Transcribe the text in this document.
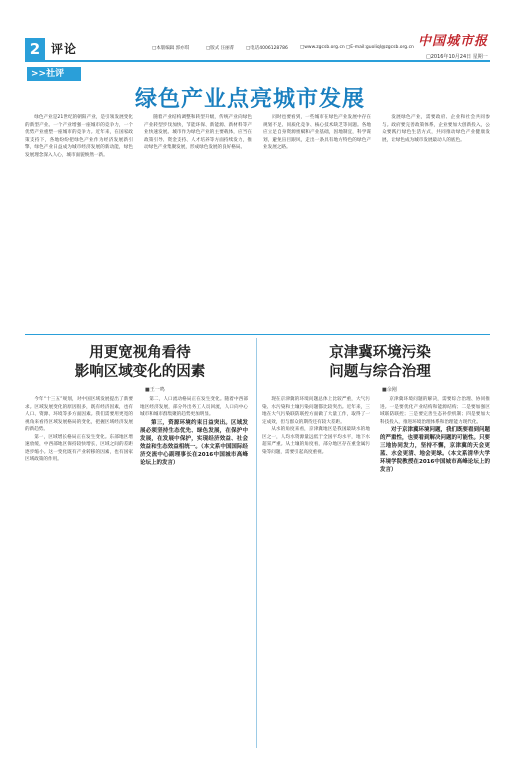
2 评论	□本版编辑 郭亦琪	□版式 汪丽菁	□电话4006128786	□www.zgcsb.org.cn □E-mail:guoliql@zgcsb.org.cn 中国城市报
□2016年10月24日 星期一
>>社评
绿色产业点亮城市发展

绿色产业是21世纪的朝阳产业，是引领发展变化的新型产业。一个产业增强一座城市的竞争力，一个优势产业重塑一座城市的竞争力。近年来，在国家政策支持下，各地纷纷把绿色产业作为经济发展新引擎，绿色产业日益成为城市经济发展的新动能，绿色发展理念深入人心，城市面貌焕然一新。

随着产业结构调整和转型升级，传统产业向绿色产业转型步伐加快，节能环保、新能源、新材料等产业快速发展。城市作为绿色产业的主要载体，应当在政策引导、资金支持、人才培养等方面持续发力，推动绿色产业集聚发展，形成绿色发展的良好格局。

同时也要看到，一些城市在绿色产业发展中存在规划不足、同质化竞争、核心技术缺乏等问题。各地应立足自身资源禀赋和产业基础，因地制宜，科学谋划，避免盲目跟风，走出一条具有地方特色的绿色产业发展之路。

发展绿色产业，需要政府、企业和社会共同参与。政府要完善政策体系，企业要加大创新投入，公众要践行绿色生活方式，共同推动绿色产业健康发展，让绿色成为城市发展最动人的底色。

用更宽视角看待
影响区域变化的因素
■王一鸣

今年“十三五”规划，对中国区域发展提出了新要求。区域发展变化的原因很多，既有经济因素，也有人口、资源、环境等多方面因素。我们需要用更宽的视角来看待区域发展格局的变化，把握区域经济发展的新趋势。

第一，区域增长格局正在发生变化。东部地区增速放缓，中西部地区保持较快增长，区域之间的差距逐步缩小。这一变化既有产业转移的因素，也有国家区域政策的作用。

第二，人口流动格局正在发生变化。随着中西部地区经济发展，部分外出务工人员回流，人口向中心城市和城市群集聚的趋势更加明显。

第三，资源环境约束日益突出。区域发展必须坚持生态优先、绿色发展，在保护中发展，在发展中保护，实现经济效益、社会效益和生态效益相统一。（本文系中国国际经济交流中心副理事长在2016中国城市高峰论坛上的发言）

京津冀环境污染
问题与综合治理
■余刚

现在京津冀的环境问题总体上比较严重，大气污染、水污染和土壤污染问题都比较突出。近年来，三地在大气污染联防联控方面做了大量工作，取得了一定成效，但与群众的期待还有较大差距。

从水的角度来看，京津冀地区是我国最缺水的地区之一，人均水资源量远低于全国平均水平，地下水超采严重。从土壤的角度看，部分地区存在重金属污染等问题，需要引起高度重视。

京津冀环境问题的解决，需要综合治理、协同推进。一是要优化产业结构和能源结构；二是要加强区域联防联控；三是要完善生态补偿机制；四是要加大科技投入，推进环境治理体系和治理能力现代化。

对于京津冀环境问题，我们既要看到问题的严重性，也要看到解决问题的可能性。只要三地协同发力，坚持不懈，京津冀的天会更蓝、水会更清、地会更绿。（本文系清华大学环境学院教授在2016中国城市高峰论坛上的发言）
